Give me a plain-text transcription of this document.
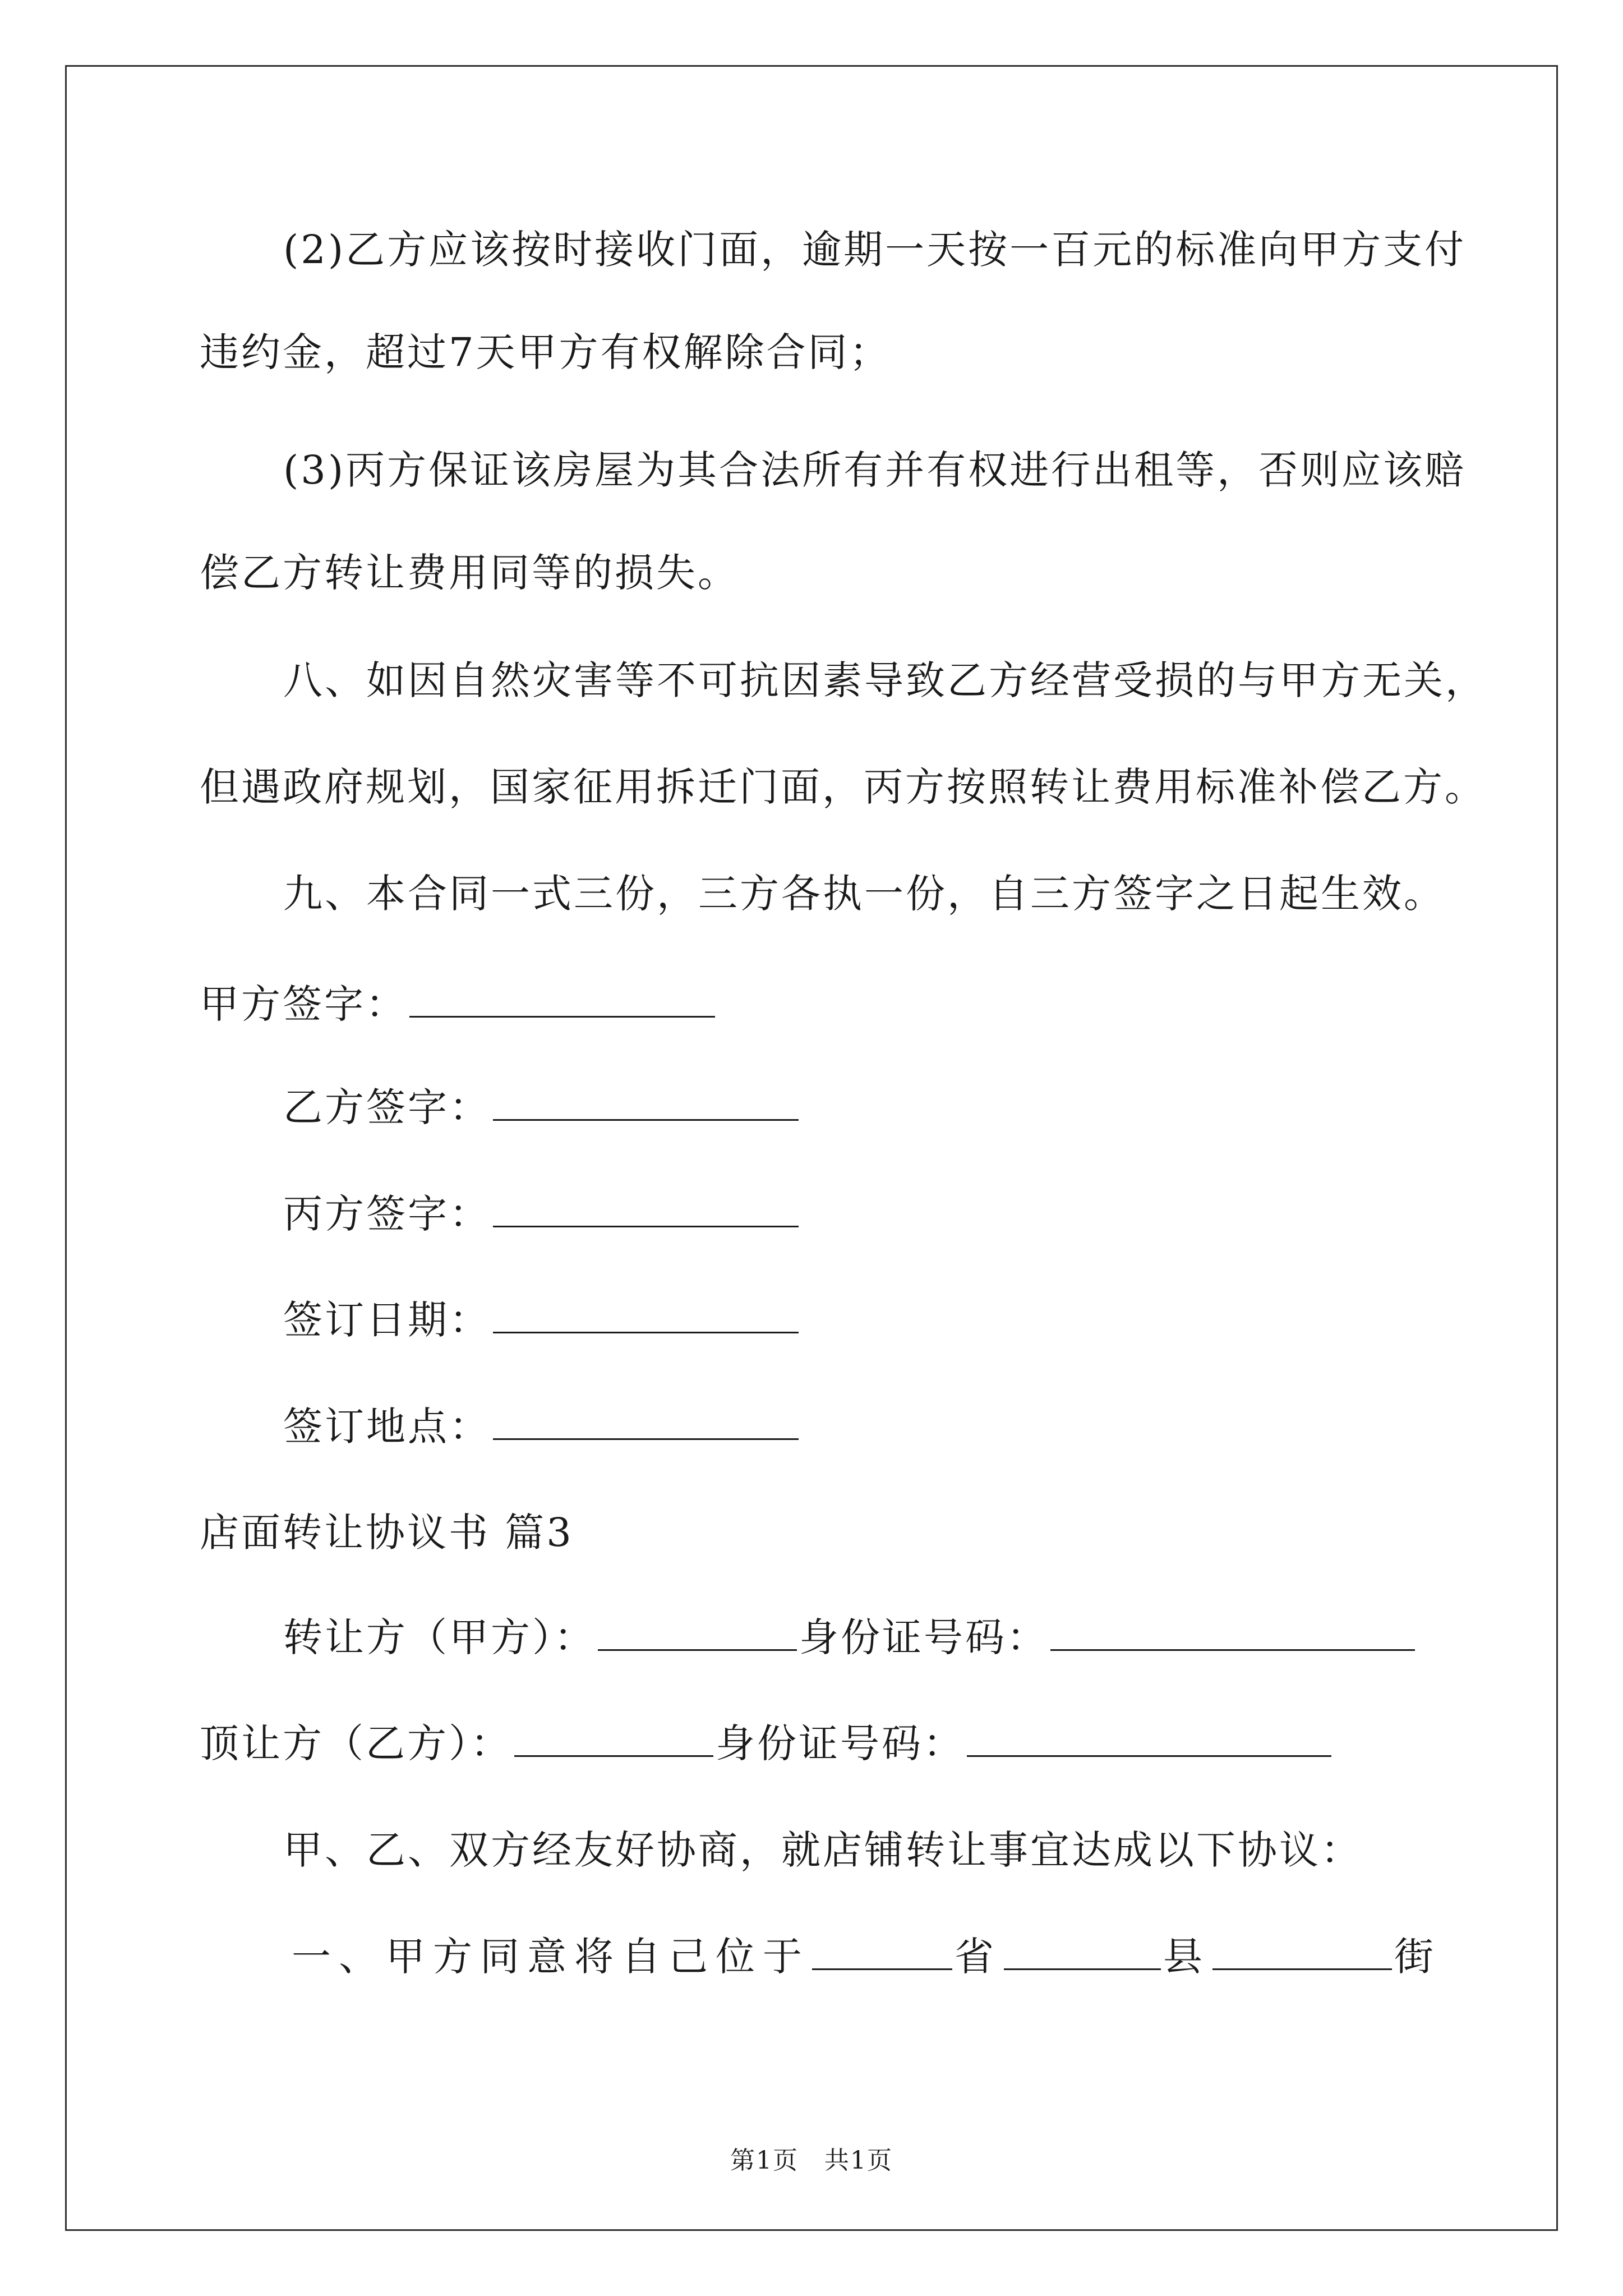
(2)乙方应该按时接收门面，逾期一天按一百元的标准向甲方支付
违约金，超过7天甲方有权解除合同；
(3)丙方保证该房屋为其合法所有并有权进行出租等，否则应该赔
偿乙方转让费用同等的损失。
八、如因自然灾害等不可抗因素导致乙方经营受损的与甲方无关，
但遇政府规划，国家征用拆迁门面，丙方按照转让费用标准补偿乙方。
九、本合同一式三份，三方各执一份，自三方签字之日起生效。
甲方签字：
乙方签字：
丙方签字：
签订日期：
签订地点：
店面转让协议书 篇3
转让方（甲方）：	身份证号码：
顶让方（乙方）：	身份证号码：
甲、乙、双方经友好协商，就店铺转让事宜达成以下协议：
一、甲方同意将自己位于	省	县	街
第1页　共1页
